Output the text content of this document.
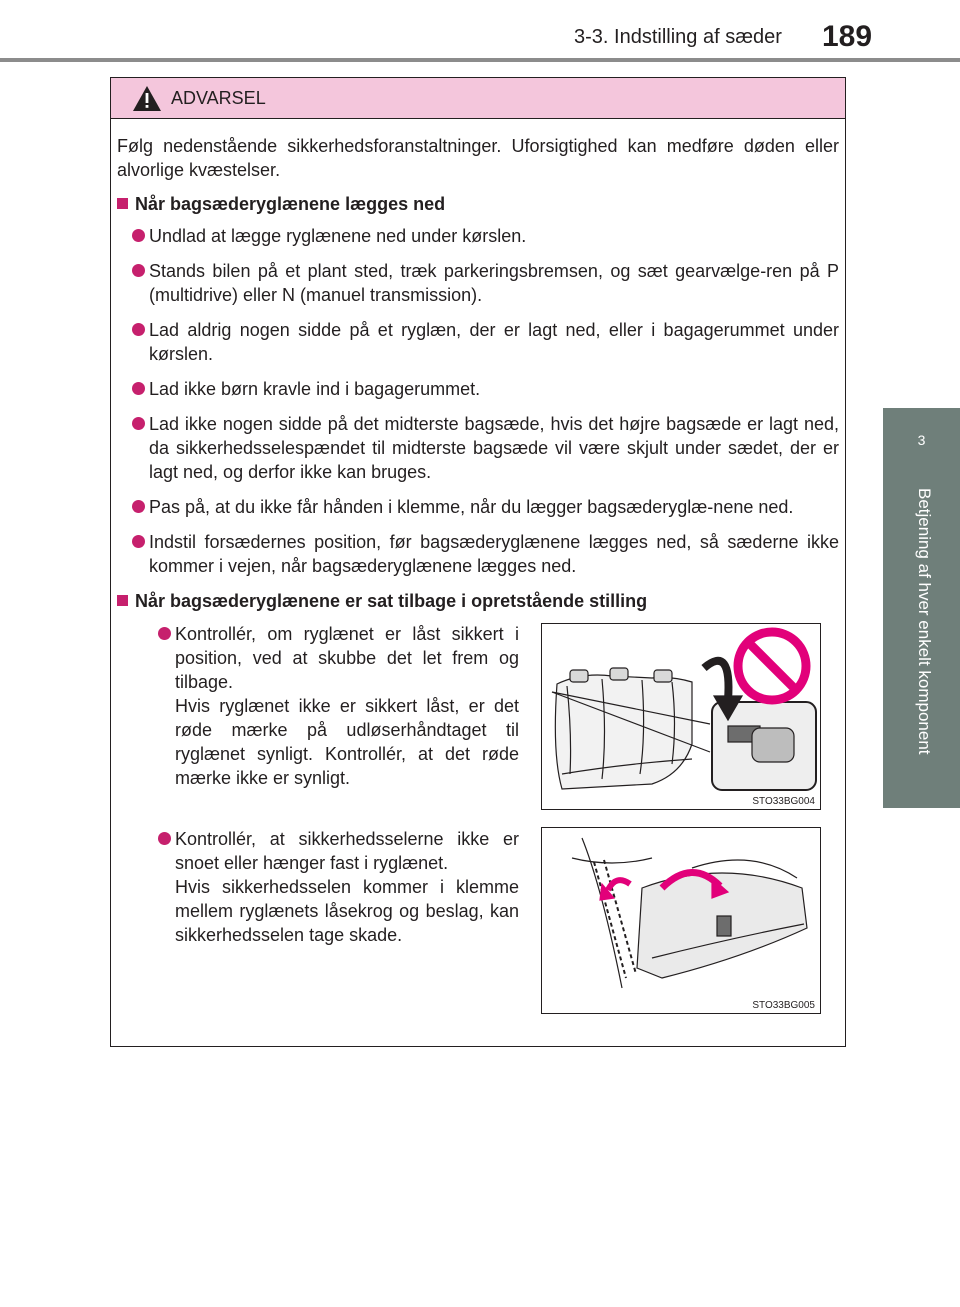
3-3. Indstilling af sæder 189
3
Betjening af hver enkelt komponent
ADVARSEL

Følg nedenstående sikkerhedsforanstaltninger. Uforsigtighed kan medføre døden eller alvorlige kvæstelser.

Når bagsæderyglænene lægges ned
Undlad at lægge ryglænene ned under kørslen.
Stands bilen på et plant sted, træk parkeringsbremsen, og sæt gearvælge-ren på P (multidrive) eller N (manuel transmission).
Lad aldrig nogen sidde på et ryglæn, der er lagt ned, eller i bagagerummet under kørslen.
Lad ikke børn kravle ind i bagagerummet.
Lad ikke nogen sidde på det midterste bagsæde, hvis det højre bagsæde er lagt ned, da sikkerhedsselespændet til midterste bagsæde vil være skjult under sædet, der er lagt ned, og derfor ikke kan bruges.
Pas på, at du ikke får hånden i klemme, når du lægger bagsæderyglæ-nene ned.
Indstil forsædernes position, før bagsæderyglænene lægges ned, så sæderne ikke kommer i vejen, når bagsæderyglænene lægges ned.
Når bagsæderyglænene er sat tilbage i opretstående stilling
Kontrollér, om ryglænet er låst sikkert i position, ved at skubbe det let frem og tilbage.
Hvis ryglænet ikke er sikkert låst, er det røde mærke på udløserhåndtaget til ryglænet synligt. Kontrollér, at det røde mærke ikke er synligt.
STO33BG004
Kontrollér, at sikkerhedsselerne ikke er snoet eller hænger fast i ryglænet.
Hvis sikkerhedsselen kommer i klemme mellem ryglænets låsekrog og beslag, kan sikkerhedsselen tage skade.
STO33BG005
